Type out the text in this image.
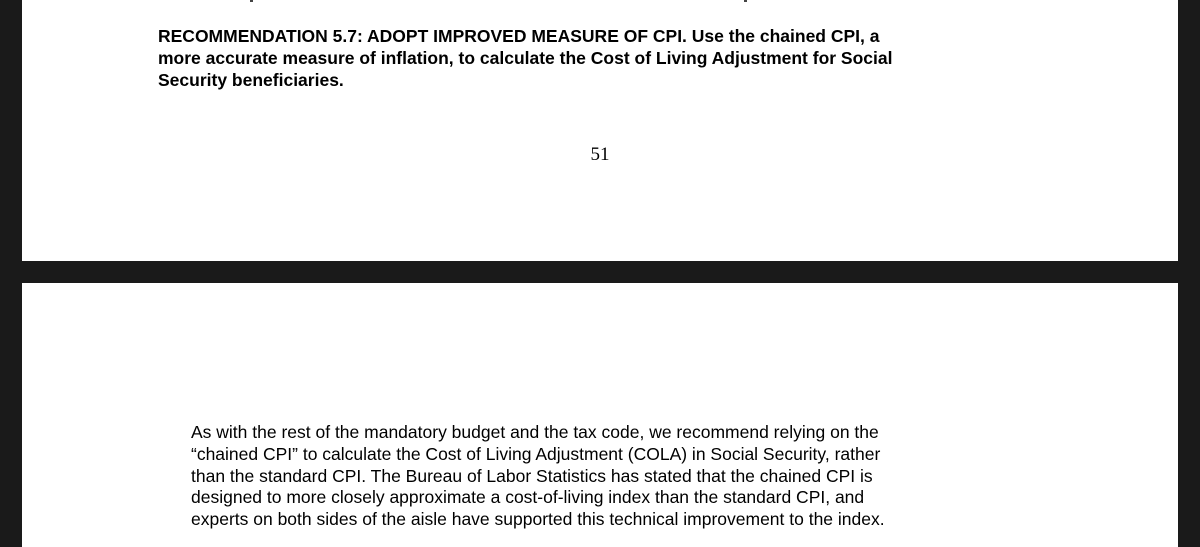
RECOMMENDATION 5.7: ADOPT IMPROVED MEASURE OF CPI. Use the chained CPI, a
more accurate measure of inflation, to calculate the Cost of Living Adjustment for Social
Security beneficiaries.

51

As with the rest of the mandatory budget and the tax code, we recommend relying on the
“chained CPI” to calculate the Cost of Living Adjustment (COLA) in Social Security, rather
than the standard CPI. The Bureau of Labor Statistics has stated that the chained CPI is
designed to more closely approximate a cost-of-living index than the standard CPI, and
experts on both sides of the aisle have supported this technical improvement to the index.
